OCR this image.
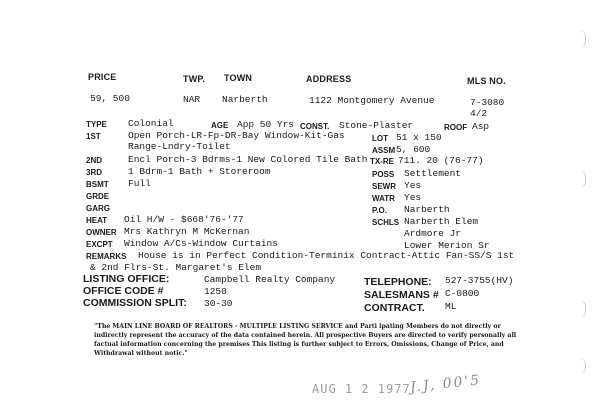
PRICE	TWP. TOWN	ADDRESS	MLS NO.
59, 500	NAR Narberth	1122 Montgomery Avenue	7-3080
4/2
TYPE Colonial	AGE App 50 Yrs CONST. Stone-Plaster	ROOF Asp
1ST	Open Porch-LR-Fp-DR-Bay Window-Kit-Gas
Range-Lndry-Toilet
LOT 51 x 150
ASSM 5, 600
2ND	Encl Porch-3 Bdrms-1 New Colored Tile Bath TX-RE 711. 20 (76-77)
3RD	1 Bdrm-1 Bath + Storeroom	POSS Settlement
BSMT Full	SEWR Yes
GRDE	WATR Yes
GARG	P.O. Narberth
HEAT Oil H/W - $668'76-'77	SCHLS Narberth Elem
Ardmore Jr
Lower Merion Sr
OWNER Mrs Kathryn M McKernan
EXCPT Window A/Cs-Window Curtains
REMARKS House is in Perfect Condition-Terminix Contract-Attic Fan-SS/S 1st
& 2nd Flrs-St. Margaret's Elem
LISTING OFFICE:	Campbell Realty Company
OFFICE CODE #	1250
COMMISSION SPLIT: 30-30
TELEPHONE: 527-3755(HV)
SALESMANS # C-0800
CONTRACT. ML
"The MAIN LINE BOARD OF REALTORS - MULTIPLE LISTING SERVICE and Parti ipating Members do not directly or indirectly represent the accuracy of the data contained herein. All prospective Buyers are directed to verify personally all factual information concerning the premises This listing is further subject to Errors, Omissions, Change of Price, and Withdrawal without notic."
AUG 1 2 1977
J.J, 00'5
